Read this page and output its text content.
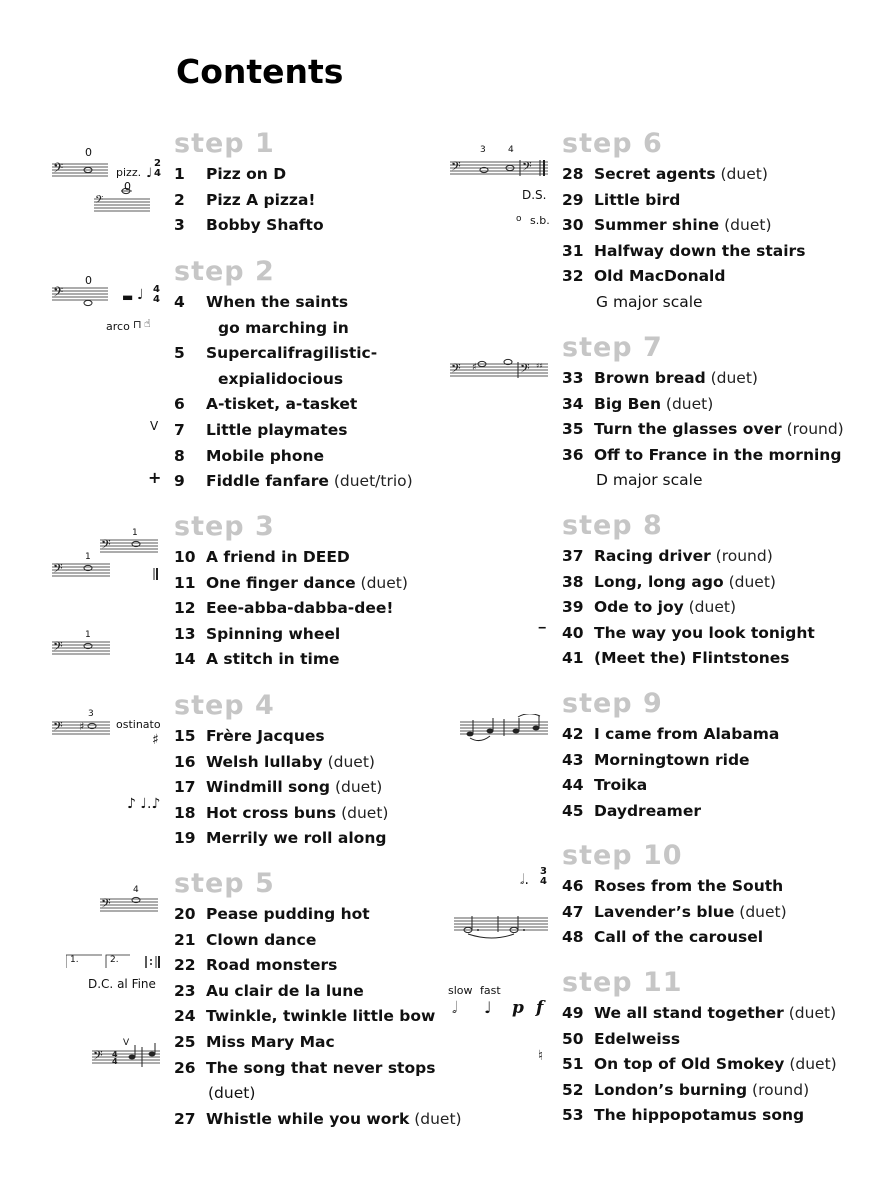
Contents
step 1
1 Pizz on D
2 Pizz A pizza!
3 Bobby Shafto
step 2
4 When the saints
go marching in
5 Supercalifragilistic-
expialidocious
6 A-tisket, a-tasket
7 Little playmates
8 Mobile phone
9 Fiddle fanfare (duet/trio)
step 3
10 A friend in DEED
11 One finger dance (duet)
12 Eee-abba-dabba-dee!
13 Spinning wheel
14 A stitch in time
step 4
15 Frère Jacques
16 Welsh lullaby (duet)
17 Windmill song (duet)
18 Hot cross buns (duet)
19 Merrily we roll along
step 5
20 Pease pudding hot
21 Clown dance
22 Road monsters
23 Au clair de la lune
24 Twinkle, twinkle little bow
25 Miss Mary Mac
26 The song that never stops
(duet)
27 Whistle while you work (duet)
step 6
28 Secret agents (duet)
29 Little bird
30 Summer shine (duet)
31 Halfway down the stairs
32 Old MacDonald
G major scale
step 7
33 Brown bread (duet)
34 Big Ben (duet)
35 Turn the glasses over (round)
36 Off to France in the morning
D major scale
step 8
37 Racing driver (round)
38 Long, long ago (duet)
39 Ode to joy (duet)
40 The way you look tonight
41 (Meet the) Flintstones
step 9
42 I came from Alabama
43 Morningtown ride
44 Troika
45 Daydreamer
step 10
46 Roses from the South
47 Lavender’s blue (duet)
48 Call of the carousel
step 11
49 We all stand together (duet)
50 Edelweiss
51 On top of Old Smokey (duet)
52 London’s burning (round)
53 The hippopotamus song
𝄢
𝄢
0
0
pizz. ♩
2
4
𝄢
0
▬ ♩ 4
4
arco ⊓ ☝
V
+
𝄢
𝄢
𝄢
1
1
1
𝄢 ♯
3
ostinato
♯
♪ ♩.♪
𝄢
4
1.	2.
D.C. al Fine
𝄢 4
4
V
𝄢	𝄢
3 4
D.S.
o s.b.
𝄢 ♯	𝄢 ♯♯
‒
𝅗𝅥.
3
4
slow fast
𝅗𝅥 ♩ p f
♮
